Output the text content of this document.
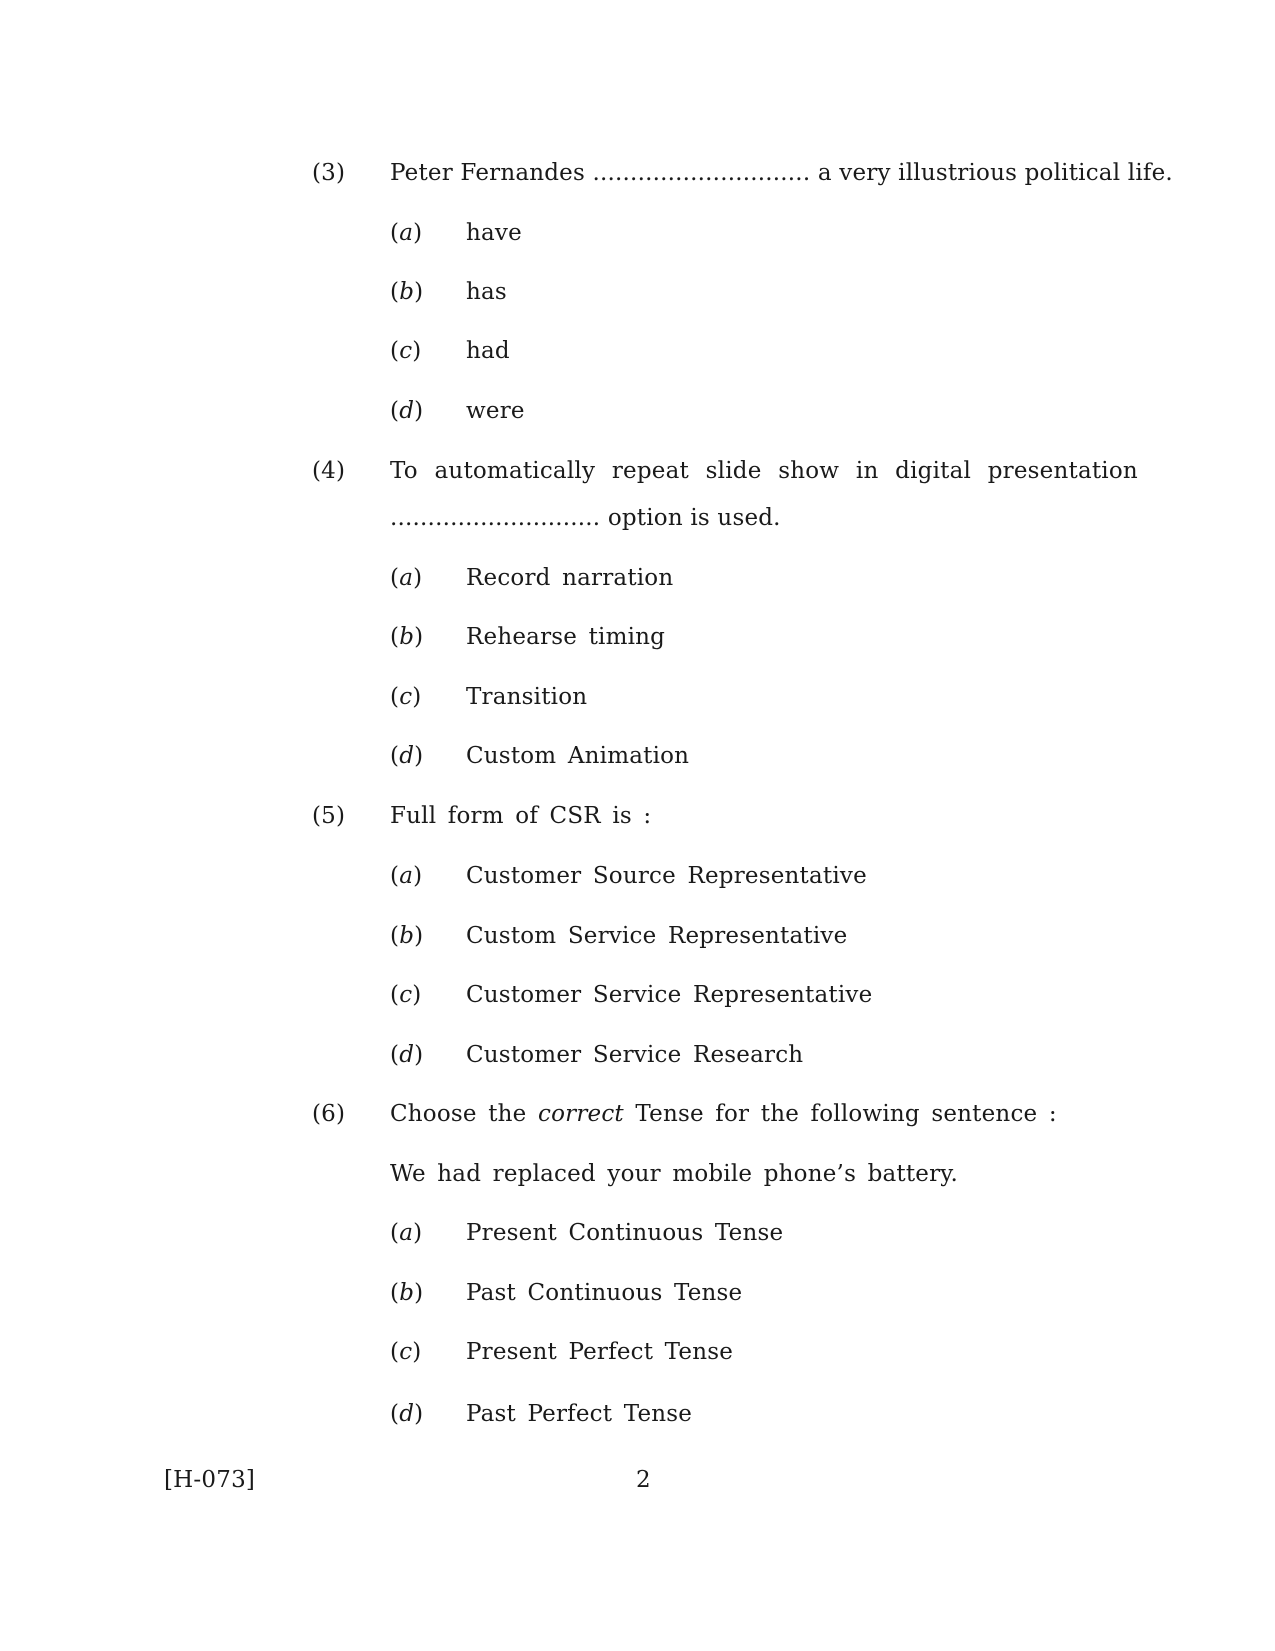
(3) Peter Fernandes ............................. a very illustrious political life.
(a) have
(b) has
(c) had
(d) were
(4) To automatically repeat slide show in digital presentation
............................ option is used.
(a) Record narration
(b) Rehearse timing
(c) Transition
(d) Custom Animation
(5) Full form of CSR is :
(a) Customer Source Representative
(b) Custom Service Representative
(c) Customer Service Representative
(d) Customer Service Research
(6) Choose the correct Tense for the following sentence :
We had replaced your mobile phone’s battery.
(a) Present Continuous Tense
(b) Past Continuous Tense
(c) Present Perfect Tense
(d) Past Perfect Tense
[H-073]	2
